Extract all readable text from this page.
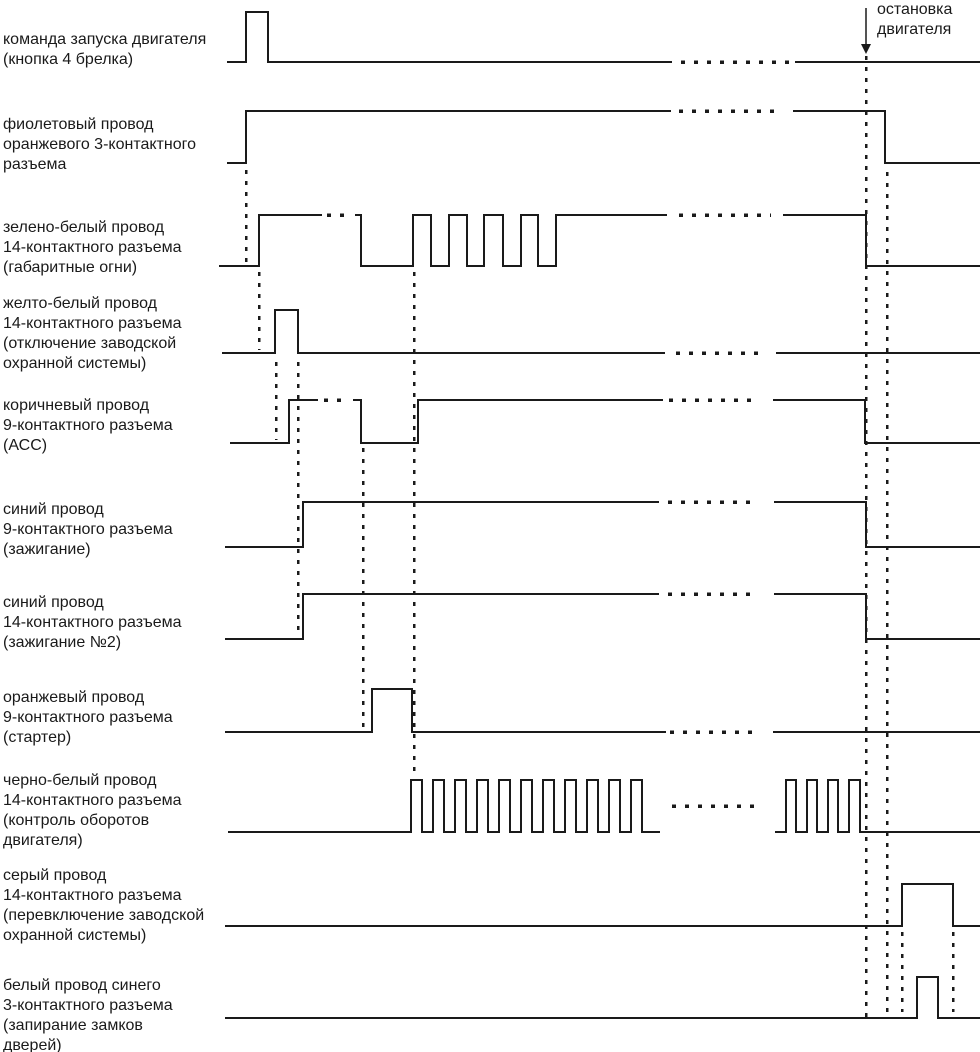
команда запуска двигателя
(кнопка 4 брелка)
фиолетовый провод
оранжевого 3-контактного
разъема
зелено-белый провод
14-контактного разъема
(габаритные огни)
желто-белый провод
14-контактного разъема
(отключение заводской
охранной системы)
коричневый провод
9-контактного разъема
(АСС)
синий провод
9-контактного разъема
(зажигание)
синий провод
14-контактного разъема
(зажигание №2)
оранжевый провод
9-контактного разъема
(стартер)
черно-белый провод
14-контактного разъема
(контроль оборотов
двигателя)
серый провод
14-контактного разъема
(перевключение заводской
охранной системы)
белый провод синего
3-контактного разъема
(запирание замков
дверей)
остановка
двигателя
